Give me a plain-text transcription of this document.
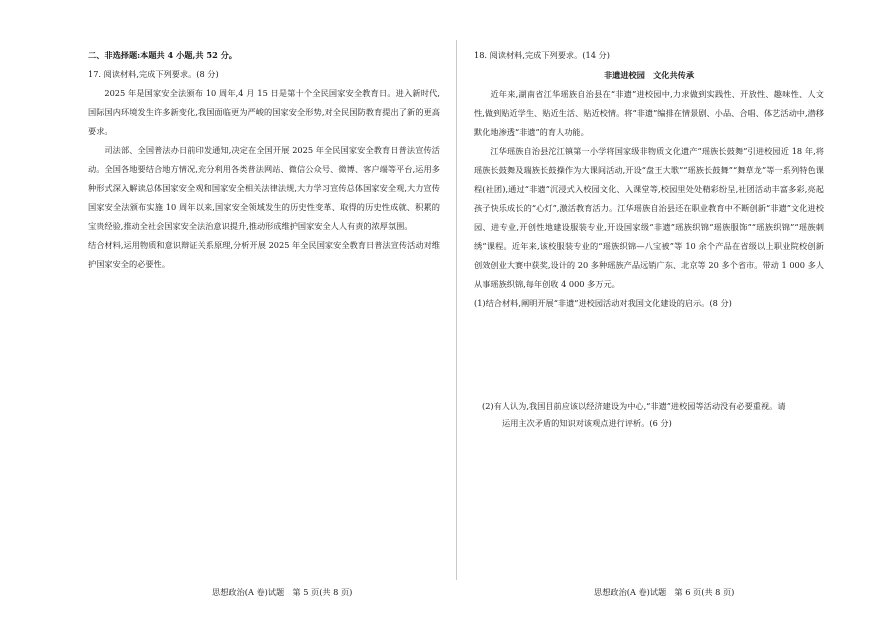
二、非选择题:本题共 4 小题,共 52 分。
17. 阅读材料,完成下列要求。(8 分)
2025 年是国家安全法颁布 10 周年,4 月 15 日是第十个全民国家安全教育日。进入新时代,国际国内环境发生许多新变化,我国面临更为严峻的国家安全形势,对全民国防教育提出了新的更高要求。
司法部、全国普法办日前印发通知,决定在全国开展 2025 年全民国家安全教育日普法宣传活动。全国各地要结合地方情况,充分利用各类普法网站、微信公众号、微博、客户端等平台,运用多种形式深入解读总体国家安全观和国家安全相关法律法规,大力学习宣传总体国家安全观,大力宣传国家安全法颁布实施 10 周年以来,国家安全领域发生的历史性变革、取得的历史性成就、积累的宝贵经验,推动全社会国家安全法治意识提升,推动形成维护国家安全人人有责的浓厚氛围。
结合材料,运用物质和意识辩证关系原理,分析开展 2025 年全民国家安全教育日普法宣传活动对维护国家安全的必要性。
18. 阅读材料,完成下列要求。(14 分)
非遗进校园　文化共传承
近年来,湖南省江华瑶族自治县在“非遗”进校园中,力求做到实践性、开放性、趣味性、人文性,做到贴近学生、贴近生活、贴近校情。将“非遗”编排在情景剧、小品、合唱、体艺活动中,潜移默化地渗透“非遗”的育人功能。
江华瑶族自治县沱江镇第一小学将国家级非物质文化遗产“瑶族长鼓舞”引进校园近 18 年,将瑶族长鼓舞及瑞族长鼓操作为大课间活动,开设“盘王大歌”“瑶族长鼓舞”“舞草龙”等一系列特色课程(社团),通过“非遗”沉浸式入校园文化、入课堂等,校园里处处精彩纷呈,社团活动丰富多彩,亮起孩子快乐成长的“心灯”,激活教育活力。江华瑶族自治县还在职业教育中不断创新“非遗”文化进校园、进专业,开创性地建设服装专业,开设国家级“非遗”瑶族织锦“瑶族服饰”“瑶族织锦”“瑶族刺绣”课程。近年来,该校服装专业的“瑶族织锦—八宝被”等 10 余个产品在省级以上职业院校创新创效创业大赛中获奖,设计的 20 多种瑶族产品远销广东、北京等 20 多个省市。带动 1 000 多人从事瑶族织锦,每年创收 4 000 多万元。
(1)结合材料,阐明开展“非遗”进校园活动对我国文化建设的启示。(8 分)
(2)有人认为,我国目前应该以经济建设为中心,“非遗”进校园等活动没有必要重视。请
运用主次矛盾的知识对该观点进行评析。(6 分)
思想政治(A 卷)试题　第 5 页(共 8 页)	思想政治(A 卷)试题　第 6 页(共 8 页)
